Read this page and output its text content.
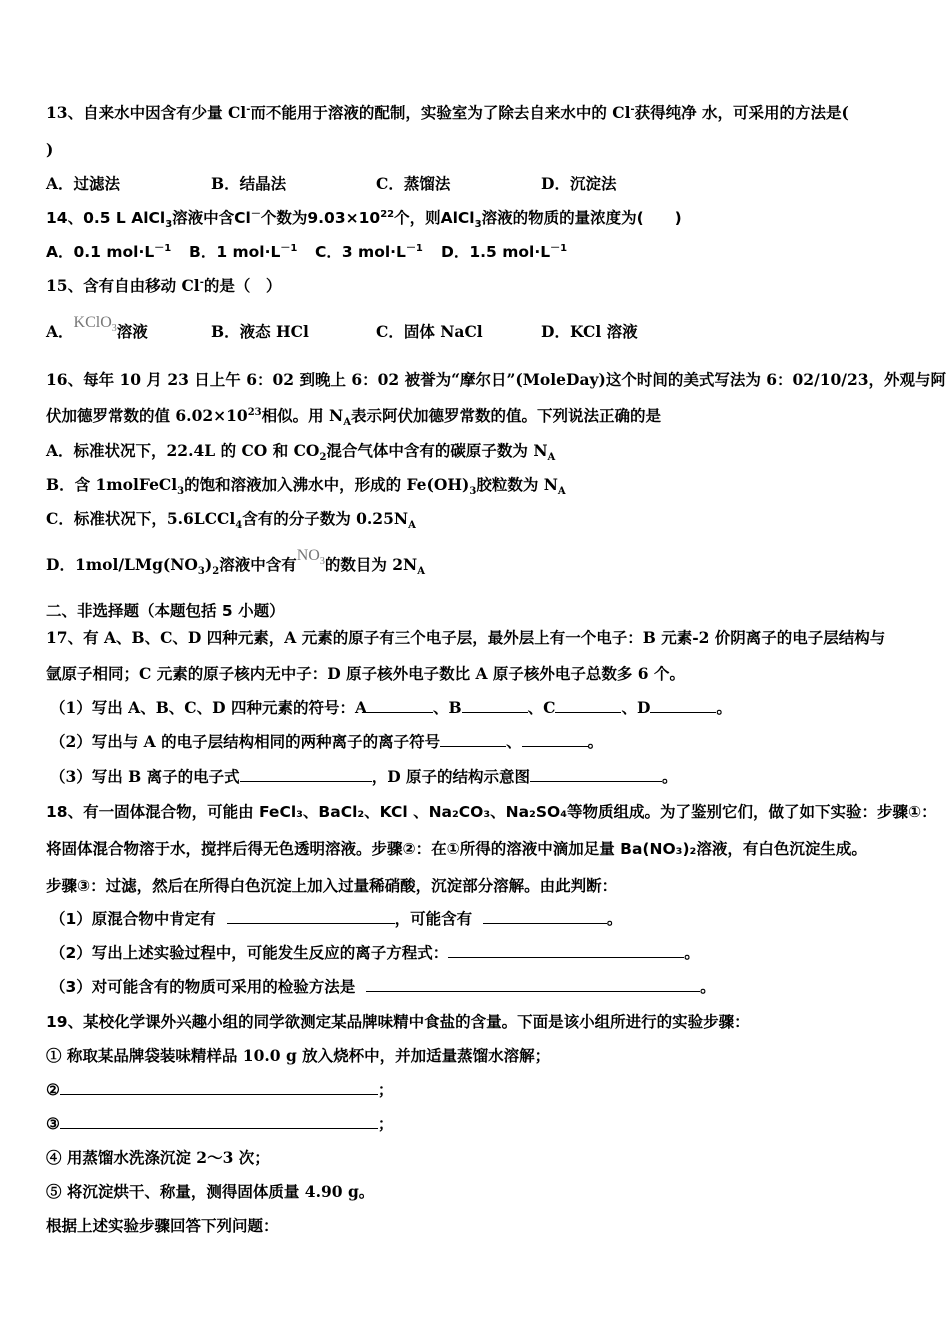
13、自来水中因含有少量 Cl-而不能用于溶液的配制，实验室为了除去自来水中的 Cl-获得纯净 水，可采用的方法是(
)
A．过滤法	B．结晶法	C．蒸馏法	D．沉淀法
14、0.5 L AlCl$_3$溶液中含Cl－个数为$9.03\times 10^{22}$个，则AlCl$_3$溶液的物质的量浓度为(　　)
A．0.1 $mol\cdot L^{-1}$ B．1 $mol\cdot L^{-1}$ C．3 $mol\cdot L^{-1}$ D．1.5 $mol\cdot L^{-1}$
15、含有自由移动 Cl-的是（　）
A．KClO$_3$溶液	B．液态 HCl	C．固体 NaCl	D．KCl 溶液
16、每年 10 月 23 日上午 6：02 到晚上 6：02 被誉为“摩尔日”(MoleDay)这个时间的美式写法为 6：02/10/23，外观与阿
伏加德罗常数的值 $6.02\times 10^{23}$相似。用 $N_A$表示阿伏加德罗常数的值。下列说法正确的是
A．标准状况下，22.4L 的 CO 和 $CO_2$混合气体中含有的碳原子数为 $N_A$
B．含 1molFeCl$_3$的饱和溶液加入沸水中，形成的 $Fe(OH)_3$胶粒数为 $N_A$
C．标准状况下，5.6LCCl$_4$含有的分子数为 $0.25N_A$
D．$1mol/LMg(NO_3)_2$溶液中含有$NO_3$的数目为 $2N_A$
二、非选择题（本题包括 5 小题）
17、有 A、B、C、D 四种元素，A 元素的原子有三个电子层，最外层上有一个电子：B 元素-2 价阴离子的电子层结构与
氩原子相同；C 元素的原子核内无中子：D 原子核外电子数比 A 原子核外电子总数多 6 个。
（1）写出 A、B、C、D 四种元素的符号：A	、B	、C	、D	。
（2）写出与 A 的电子层结构相同的两种离子的离子符号	、	。
（3）写出 B 离子的电子式	，D 原子的结构示意图	。
18、有一固体混合物，可能由 FeCl₃、BaCl₂、KCl 、Na₂CO₃、Na₂SO₄等物质组成。为了鉴别它们，做了如下实验：步骤①：
将固体混合物溶于水，搅拌后得无色透明溶液。步骤②：在①所得的溶液中滴加足量 Ba(NO₃)₂溶液，有白色沉淀生成。
步骤③：过滤，然后在所得白色沉淀上加入过量稀硝酸，沉淀部分溶解。由此判断：
（1）原混合物中肯定有	，可能含有	。
（2）写出上述实验过程中，可能发生反应的离子方程式：	。
（3）对可能含有的物质可采用的检验方法是	。
19、某校化学课外兴趣小组的同学欲测定某品牌味精中食盐的含量。下面是该小组所进行的实验步骤：
① 称取某品牌袋装味精样品 10.0 g 放入烧杯中，并加适量蒸馏水溶解；
②	；
③	；
④ 用蒸馏水洗涤沉淀 2～3 次；
⑤ 将沉淀烘干、称量，测得固体质量 4.90 g。
根据上述实验步骤回答下列问题：
